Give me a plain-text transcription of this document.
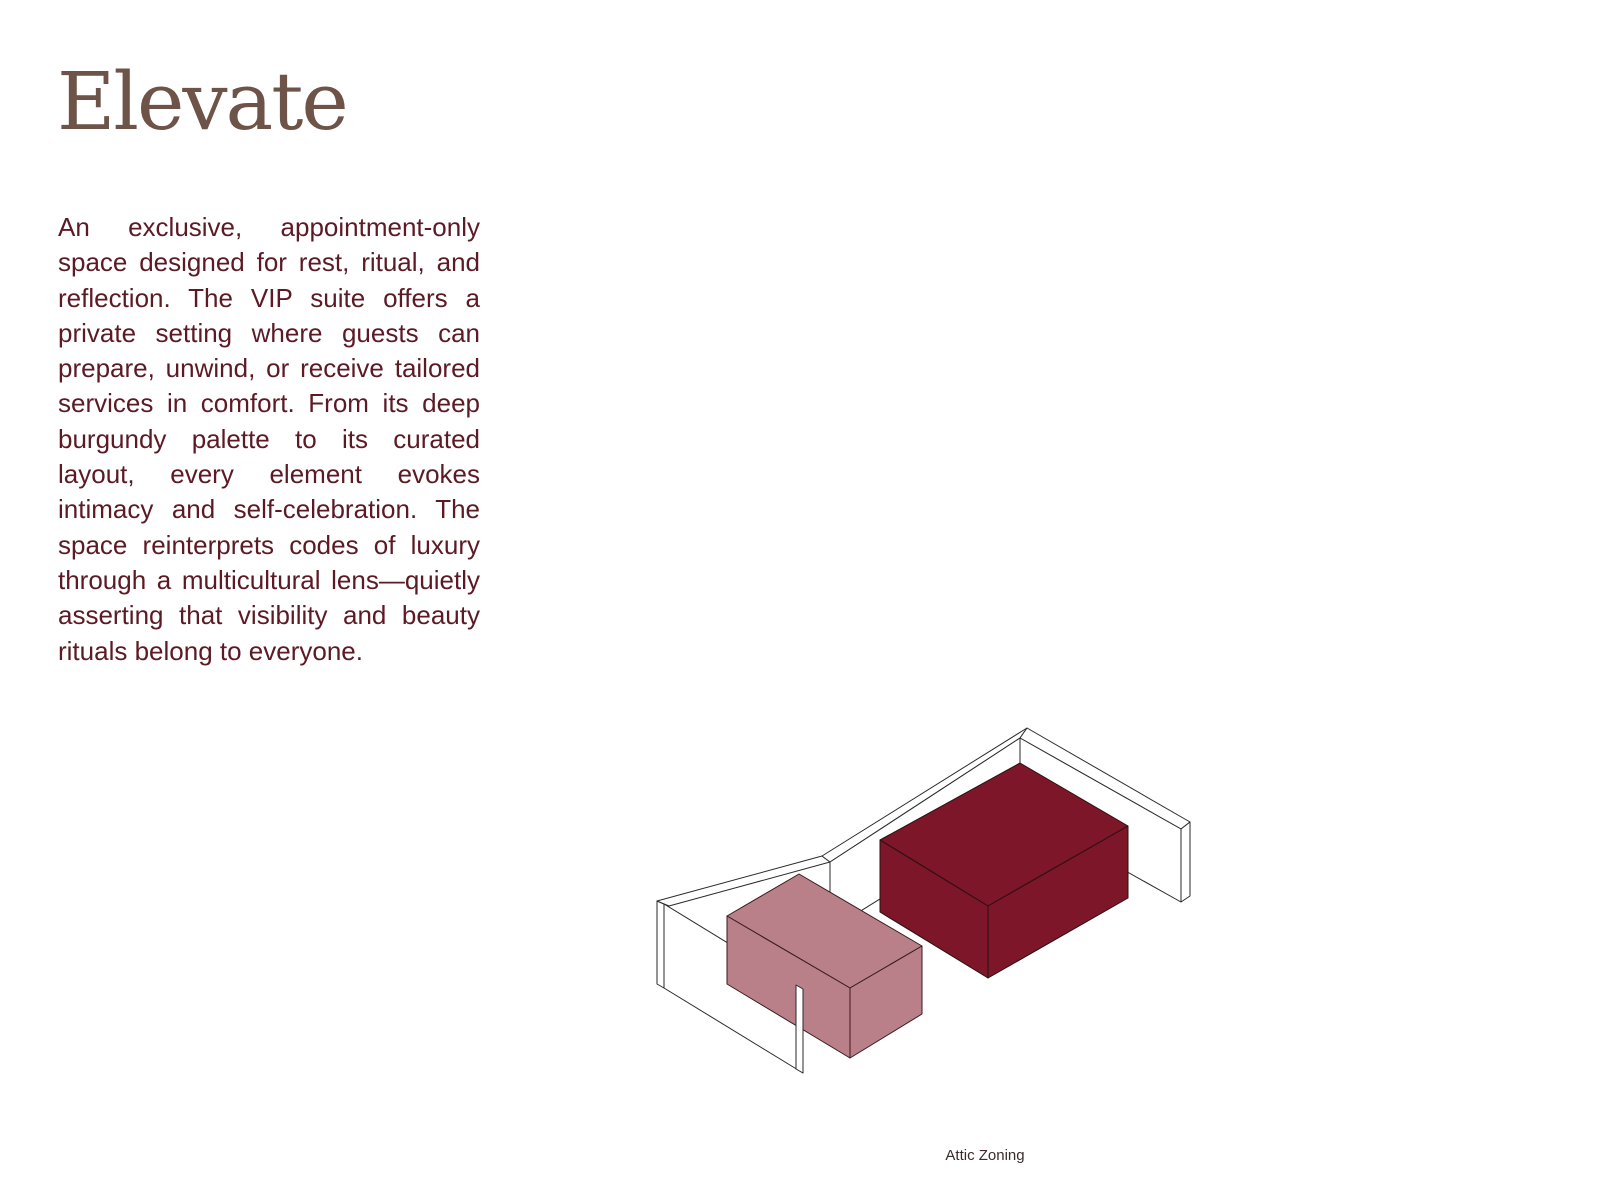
Elevate

An exclusive, appointment-only space designed for rest, ritual, and reflection. The VIP suite offers a private setting where guests can prepare, unwind, or receive tailored services in comfort. From its deep burgundy palette to its curated layout, every element evokes intimacy and self-celebration. The space reinterprets codes of luxury through a multicultural lens—quietly asserting that visibility and beauty rituals belong to everyone.

Attic Zoning
